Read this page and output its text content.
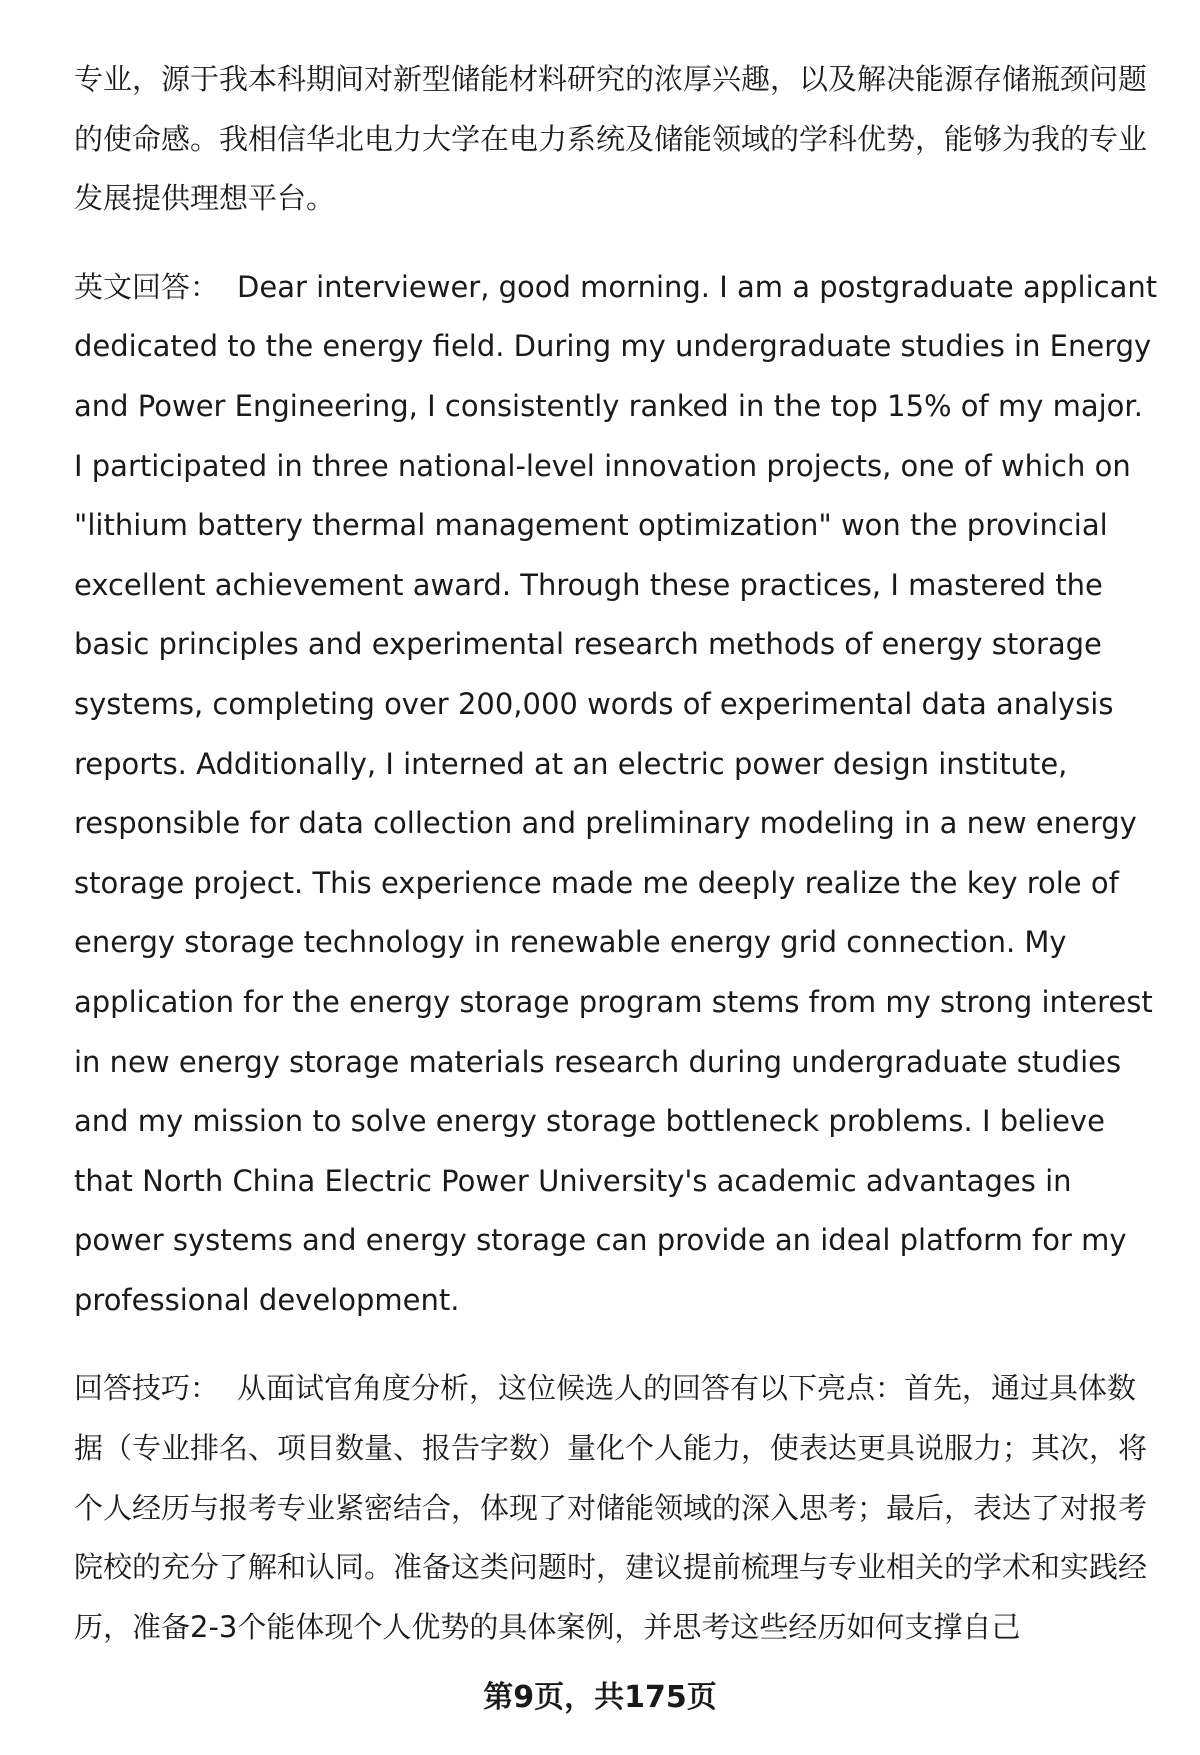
专业，源于我本科期间对新型储能材料研究的浓厚兴趣，以及解决能源存储瓶颈问题的使命感。我相信华北电力大学在电力系统及储能领域的学科优势，能够为我的专业发展提供理想平台。

英文回答： Dear interviewer, good morning. I am a postgraduate applicant dedicated to the energy field. During my undergraduate studies in Energy and Power Engineering, I consistently ranked in the top 15% of my major. I participated in three national-level innovation projects, one of which on "lithium battery thermal management optimization" won the provincial excellent achievement award. Through these practices, I mastered the basic principles and experimental research methods of energy storage systems, completing over 200,000 words of experimental data analysis reports. Additionally, I interned at an electric power design institute, responsible for data collection and preliminary modeling in a new energy storage project. This experience made me deeply realize the key role of energy storage technology in renewable energy grid connection. My application for the energy storage program stems from my strong interest in new energy storage materials research during undergraduate studies and my mission to solve energy storage bottleneck problems. I believe that North China Electric Power University's academic advantages in power systems and energy storage can provide an ideal platform for my professional development.

回答技巧： 从面试官角度分析，这位候选人的回答有以下亮点：首先，通过具体数据（专业排名、项目数量、报告字数）量化个人能力，使表达更具说服力；其次，将个人经历与报考专业紧密结合，体现了对储能领域的深入思考；最后，表达了对报考院校的充分了解和认同。准备这类问题时，建议提前梳理与专业相关的学术和实践经历，准备2-3个能体现个人优势的具体案例，并思考这些经历如何支撑自己

第9页，共175页
